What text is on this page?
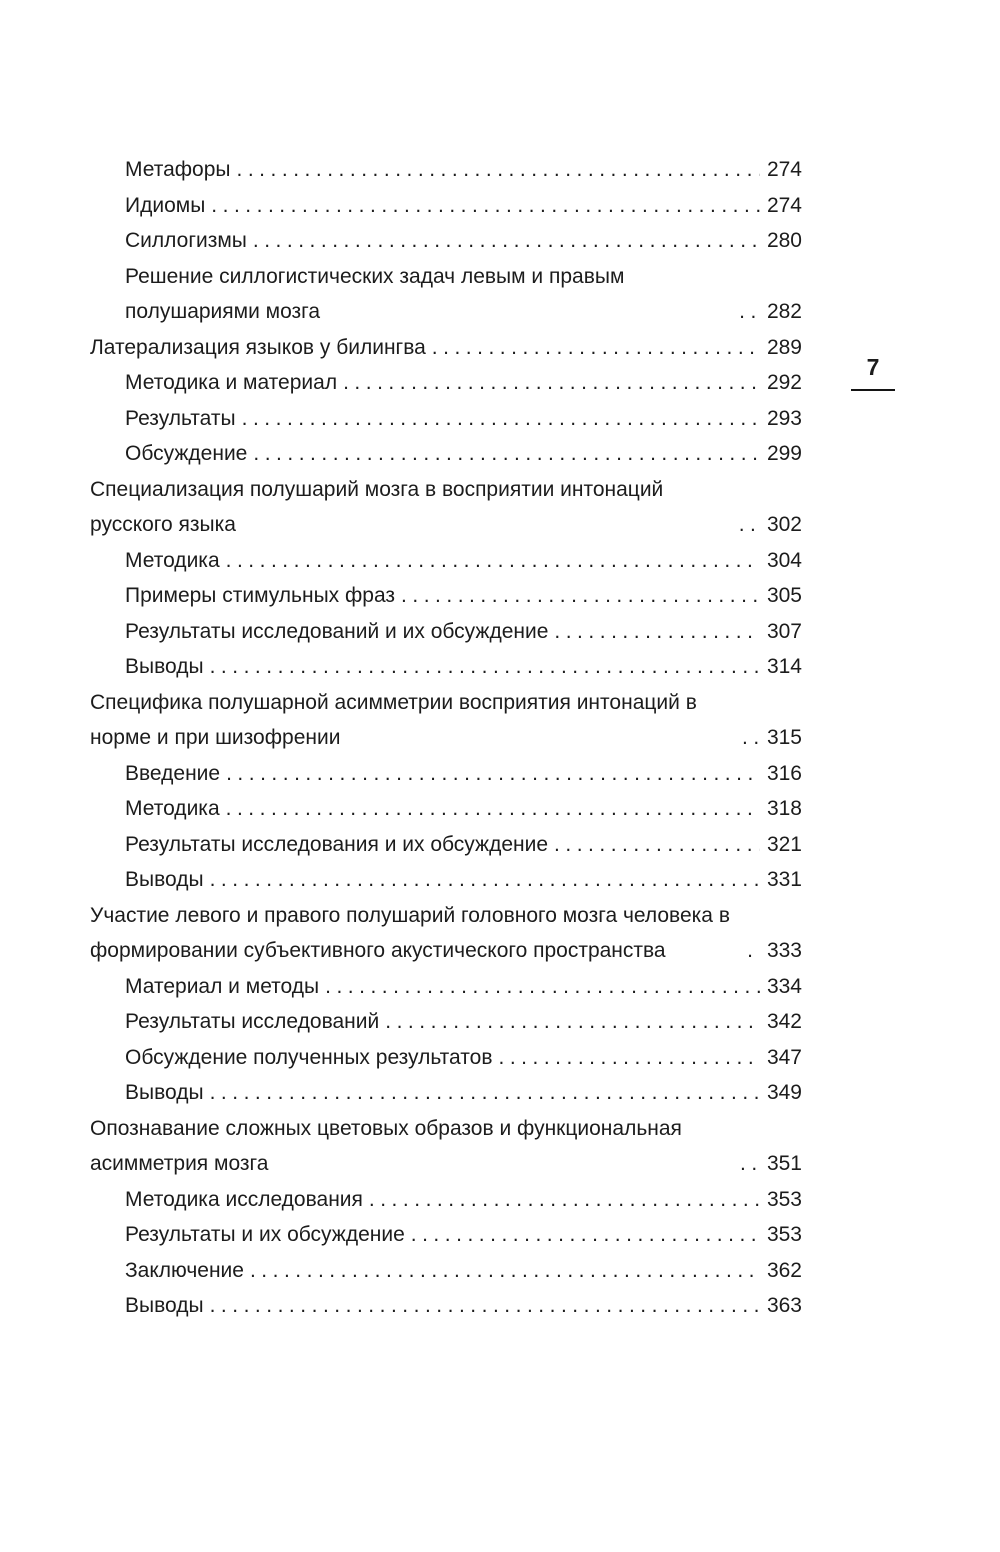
Метафоры .....	274
Идиомы .....	274
Силлогизмы .....	280
Решение силлогистических задач левым и правым полушариями мозга .....	282
Латерализация языков у билингва .....	289
Методика и материал .....	292
Результаты .....	293
Обсуждение .....	299
Специализация полушарий мозга в восприятии интонаций русского языка .....	302
Методика .....	304
Примеры стимульных фраз .....	305
Результаты исследований и их обсуждение .....	307
Выводы .....	314
Специфика полушарной асимметрии восприятия интонаций в норме и при шизофрении .....	315
Введение .....	316
Методика .....	318
Результаты исследования и их обсуждение .....	321
Выводы .....	331
Участие левого и правого полушарий головного мозга человека в формировании субъективного акустического пространства .....	333
Материал и методы .....	334
Результаты исследований .....	342
Обсуждение полученных результатов .....	347
Выводы .....	349
Опознавание сложных цветовых образов и функциональная асимметрия мозга .....	351
Методика исследования .....	353
Результаты и их обсуждение .....	353
Заключение .....	362
Выводы .....	363
7
